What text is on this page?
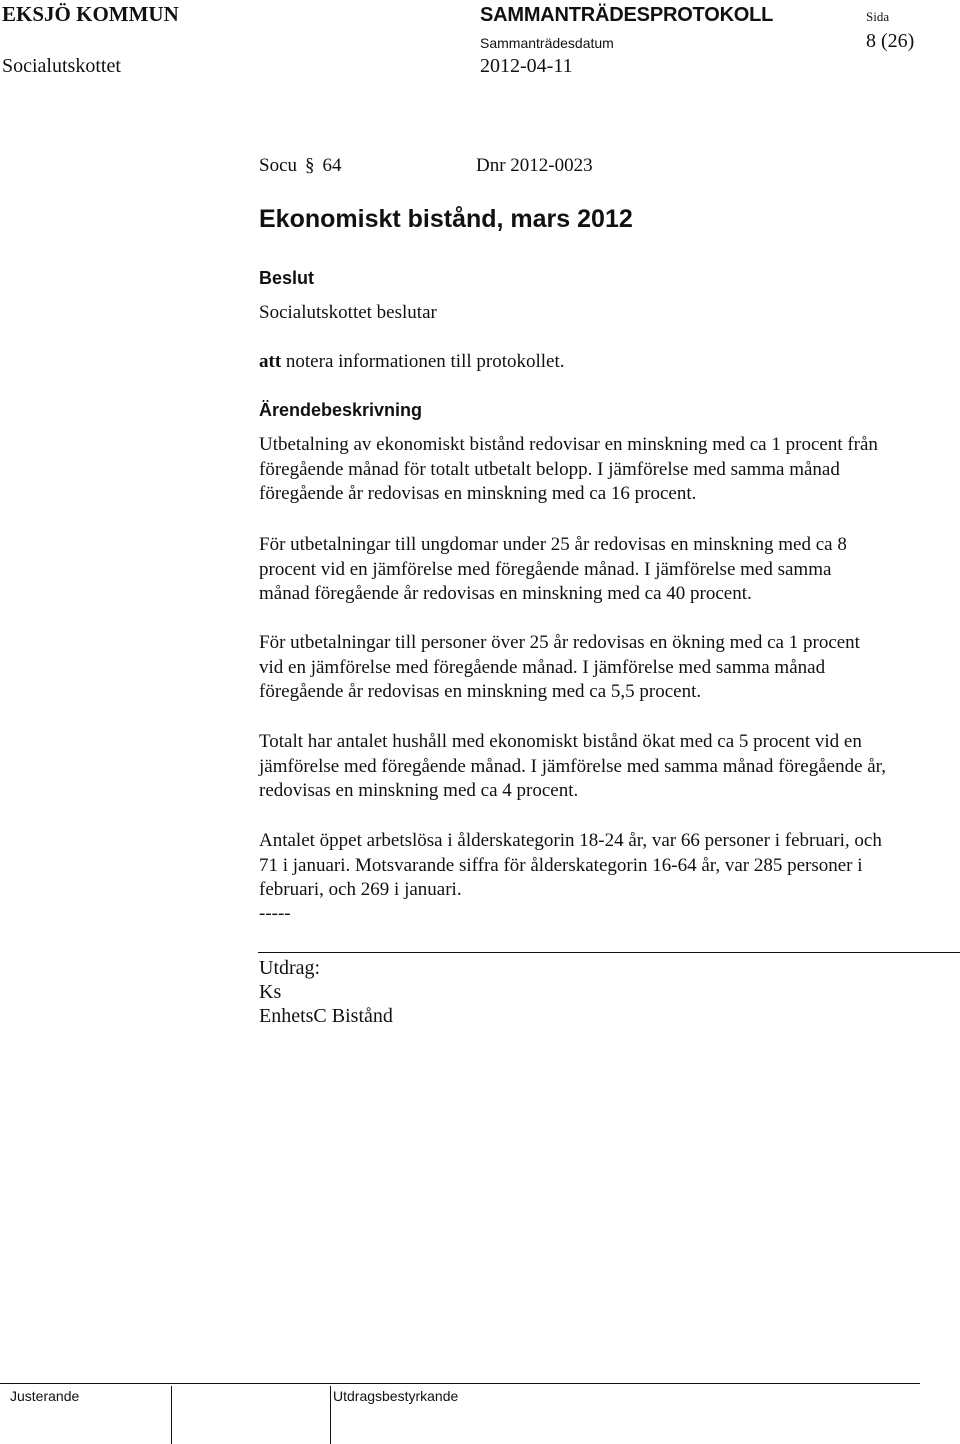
EKSJÖ KOMMUN
Socialutskottet
SAMMANTRÄDESPROTOKOLL
Sammanträdesdatum
2012-04-11
Sida
8 (26)
Socu § 64	Dnr 2012-0023
Ekonomiskt bistånd, mars 2012
Beslut
Socialutskottet beslutar
att notera informationen till protokollet.
Ärendebeskrivning
Utbetalning av ekonomiskt bistånd redovisar en minskning med ca 1 procent från
föregående månad för totalt utbetalt belopp. I jämförelse med samma månad
föregående år redovisas en minskning med ca 16 procent.
För utbetalningar till ungdomar under 25 år redovisas en minskning med ca 8
procent vid en jämförelse med föregående månad. I jämförelse med samma
månad föregående år redovisas en minskning med ca 40 procent.
För utbetalningar till personer över 25 år redovisas en ökning med ca 1 procent
vid en jämförelse med föregående månad. I jämförelse med samma månad
föregående år redovisas en minskning med ca 5,5 procent.
Totalt har antalet hushåll med ekonomiskt bistånd ökat med ca 5 procent vid en
jämförelse med föregående månad. I jämförelse med samma månad föregående år,
redovisas en minskning med ca 4 procent.
Antalet öppet arbetslösa i ålderskategorin 18-24 år, var 66 personer i februari, och
71 i januari. Motsvarande siffra för ålderskategorin 16-64 år, var 285 personer i
februari, och 269 i januari.
-----
Utdrag:
Ks
EnhetsC Bistånd
Justerande	Utdragsbestyrkande
